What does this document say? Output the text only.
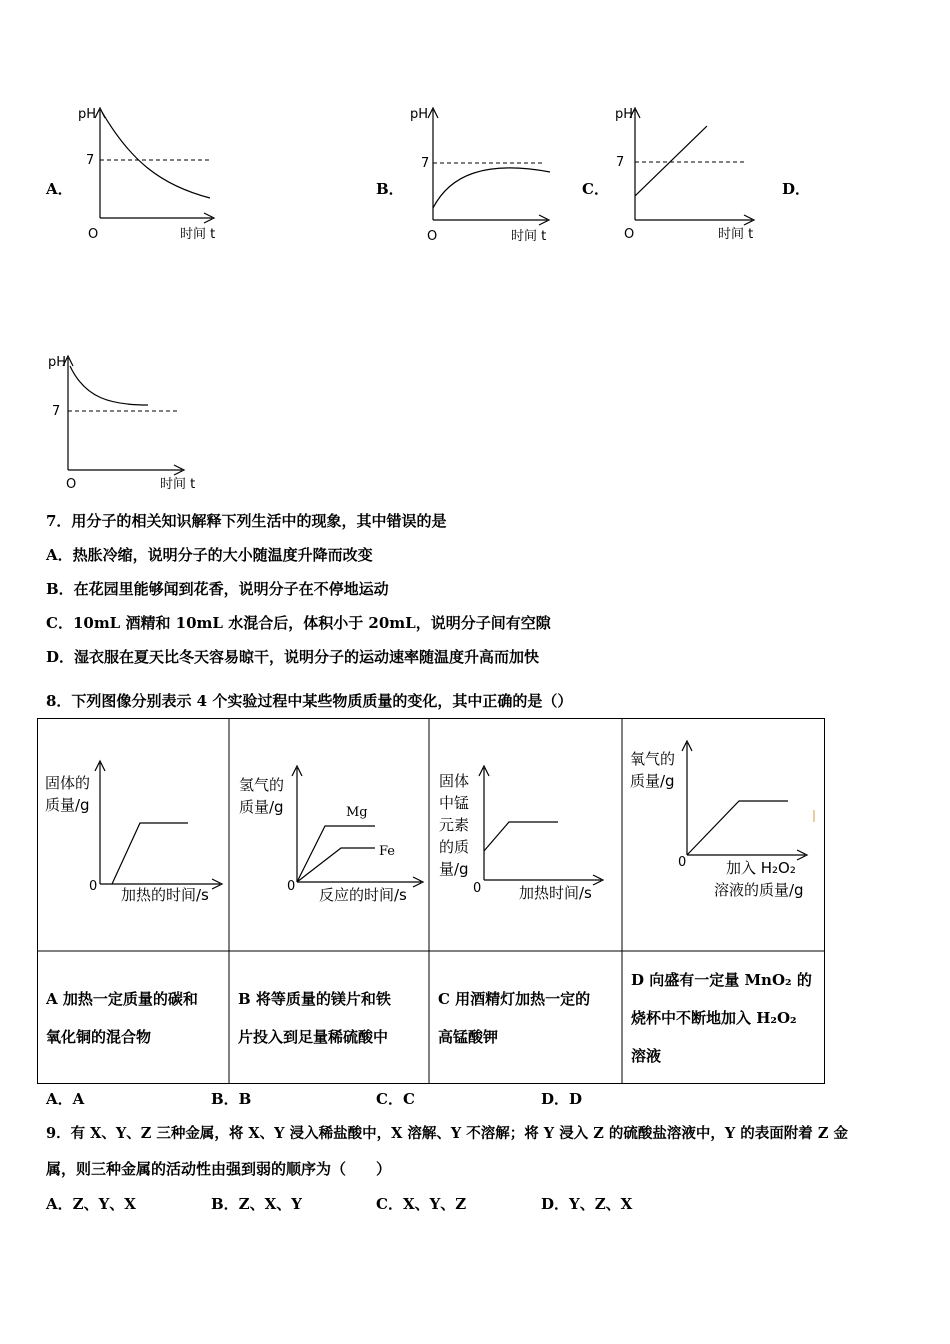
A．	B．	C．	D．
pH
7
O	时间 t
pH
7
O	时间 t
pH
7
O	时间 t
pH
7
O	时间 t
7．用分子的相关知识解释下列生活中的现象，其中错误的是
A．热胀冷缩，说明分子的大小随温度升降而改变
B．在花园里能够闻到花香，说明分子在不停地运动
C．10mL 酒精和 10mL 水混合后，体积小于 20mL，说明分子间有空隙
D．湿衣服在夏天比冬天容易晾干，说明分子的运动速率随温度升高而加快
8．下列图像分别表示 4 个实验过程中某些物质质量的变化，其中正确的是（）
固体的
质量/g
0 加热的时间/s
氢气的
质量/g	Mg
Fe
0 反应的时间/s
固体
中锰
元素
的质
量/g
0	加热时间/s
氧气的
质量/g
0	加入 H₂O₂
溶液的质量/g
A 加热一定质量的碳和
氧化铜的混合物
B 将等质量的镁片和铁
片投入到足量稀硫酸中
C 用酒精灯加热一定的
高锰酸钾
D 向盛有一定量 MnO₂ 的
烧杯中不断地加入 H₂O₂
溶液
A．A	B．B	C．C	D．D
9．有 X、Y、Z 三种金属，将 X、Y 浸入稀盐酸中，X 溶解、Y 不溶解；将 Y 浸入 Z 的硫酸盐溶液中，Y 的表面附着 Z 金
属，则三种金属的活动性由强到弱的顺序为（　　）
A．Z、Y、X	B．Z、X、Y	C．X、Y、Z	D．Y、Z、X
